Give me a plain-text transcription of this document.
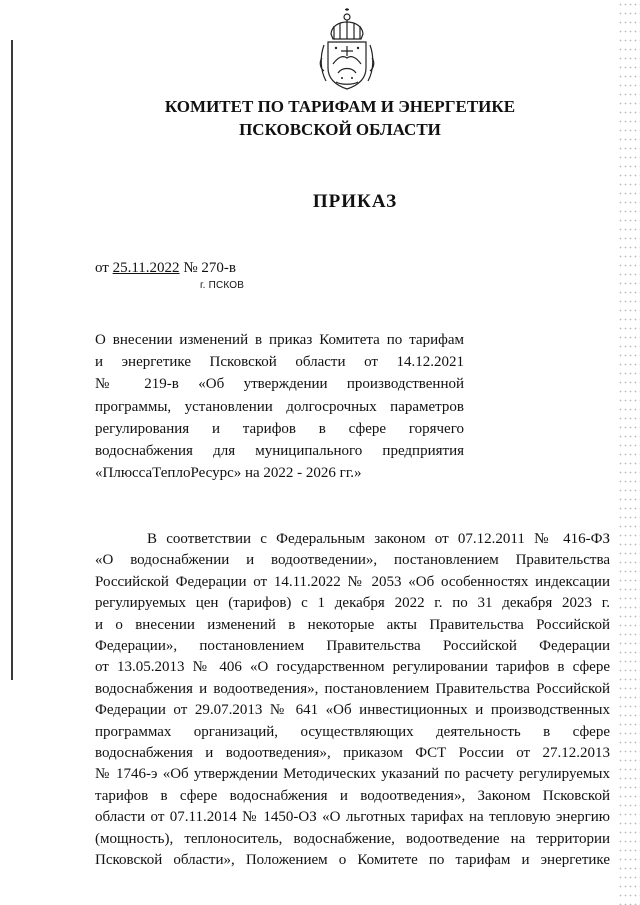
КОМИТЕТ ПО ТАРИФАМ И ЭНЕРГЕТИКЕ
ПСКОВСКОЙ ОБЛАСТИ
ПРИКАЗ
от 25.11.2022 № 270-в
г. ПСКОВ
О внесении изменений в приказ Комитета по тарифам
и энергетике Псковской области от 14.12.2021
№ 219-в «Об утверждении производственной
программы, установлении долгосрочных параметров
регулирования и тарифов в сфере горячего
водоснабжения для муниципального предприятия
«ПлюссаТеплоРесурс» на 2022 - 2026 гг.»
В соответствии с Федеральным законом от 07.12.2011 № 416-ФЗ
«О водоснабжении и водоотведении», постановлением Правительства
Российской Федерации от 14.11.2022 № 2053 «Об особенностях индексации
регулируемых цен (тарифов) с 1 декабря 2022 г. по 31 декабря 2023 г.
и о внесении изменений в некоторые акты Правительства Российской
Федерации», постановлением Правительства Российской Федерации
от 13.05.2013 № 406 «О государственном регулировании тарифов в сфере
водоснабжения и водоотведения», постановлением Правительства Российской
Федерации от 29.07.2013 № 641 «Об инвестиционных и производственных
программах организаций, осуществляющих деятельность в сфере
водоснабжения и водоотведения», приказом ФСТ России от 27.12.2013
№ 1746-э «Об утверждении Методических указаний по расчету регулируемых
тарифов в сфере водоснабжения и водоотведения», Законом Псковской
области от 07.11.2014 № 1450-ОЗ «О льготных тарифах на тепловую энергию
(мощность), теплоноситель, водоснабжение, водоотведение на территории
Псковской области», Положением о Комитете по тарифам и энергетике
